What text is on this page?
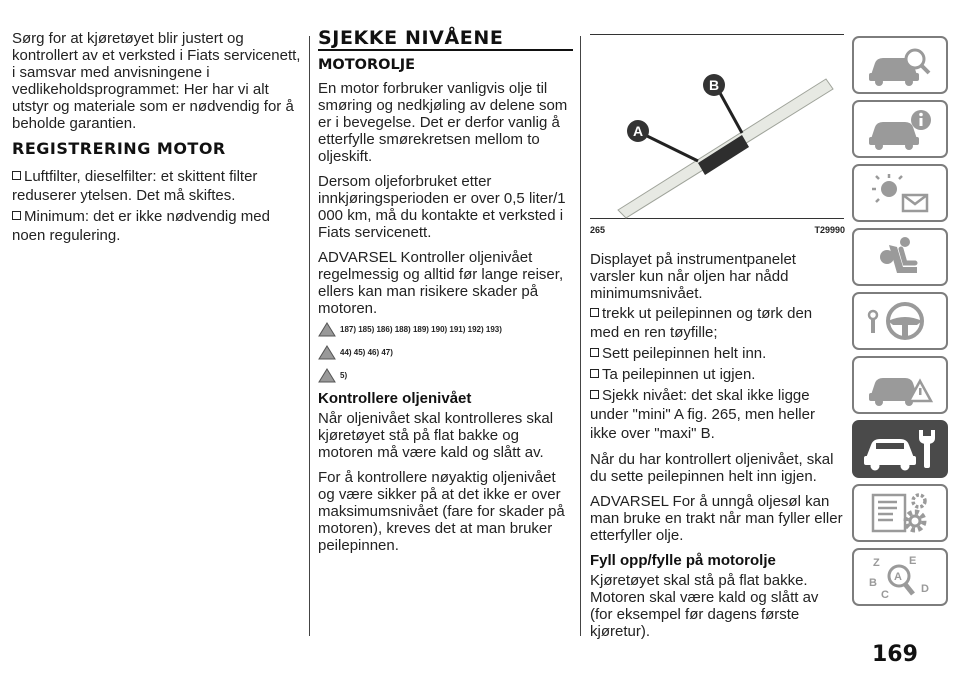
Sørg for at kjøretøyet blir justert og kontrollert av et verksted i Fiats servicenett, i samsvar med anvisningene i vedlikeholdsprogrammet: Her har vi alt utstyr og materiale som er nødvendig for å beholde garantien.

REGISTRERING MOTOR
Luftfilter, dieselfilter: et skittent filter reduserer ytelsen. Det må skiftes.
Minimum: det er ikke nødvendig med noen regulering.
SJEKKE NIVÅENE
MOTOROLJE

En motor forbruker vanligvis olje til smøring og nedkjøling av delene som er i bevegelse. Det er derfor vanlig å etterfylle smørekretsen mellom to oljeskift.

Dersom oljeforbruket etter innkjøringsperioden er over 0,5 liter/1 000 km, må du kontakte et verksted i Fiats servicenett.

ADVARSEL Kontroller oljenivået regelmessig og alltid før lange reiser, ellers kan man risikere skader på motoren.

187) 185) 186) 188) 189) 190) 191) 192) 193)
44) 45) 46) 47)
5)
Kontrollere oljenivået

Når oljenivået skal kontrolleres skal kjøretøyet stå på flat bakke og motoren må være kald og slått av.

For å kontrollere nøyaktig oljenivået og være sikker på at det ikke er over maksimumsnivået (fare for skader på motoren), kreves det at man bruker peilepinnen.

A
B
265	T29990

Displayet på instrumentpanelet varsler kun når oljen har nådd minimumsnivået.

trekk ut peilepinnen og tørk den med en ren tøyfille;
Sett peilepinnen helt inn.
Ta peilepinnen ut igjen.
Sjekk nivået: det skal ikke ligge under "mini" A fig. 265, men heller ikke over "maxi" B.

Når du har kontrollert oljenivået, skal du sette peilepinnen helt inn igjen.

ADVARSEL For å unngå oljesøl kan man bruke en trakt når man fyller eller etterfyller olje.

Fyll opp/fylle på motorolje

Kjøretøyet skal stå på flat bakke. Motoren skal være kald og slått av (for eksempel før dagens første kjøretur).

Z	E
B
C	D
A
169
